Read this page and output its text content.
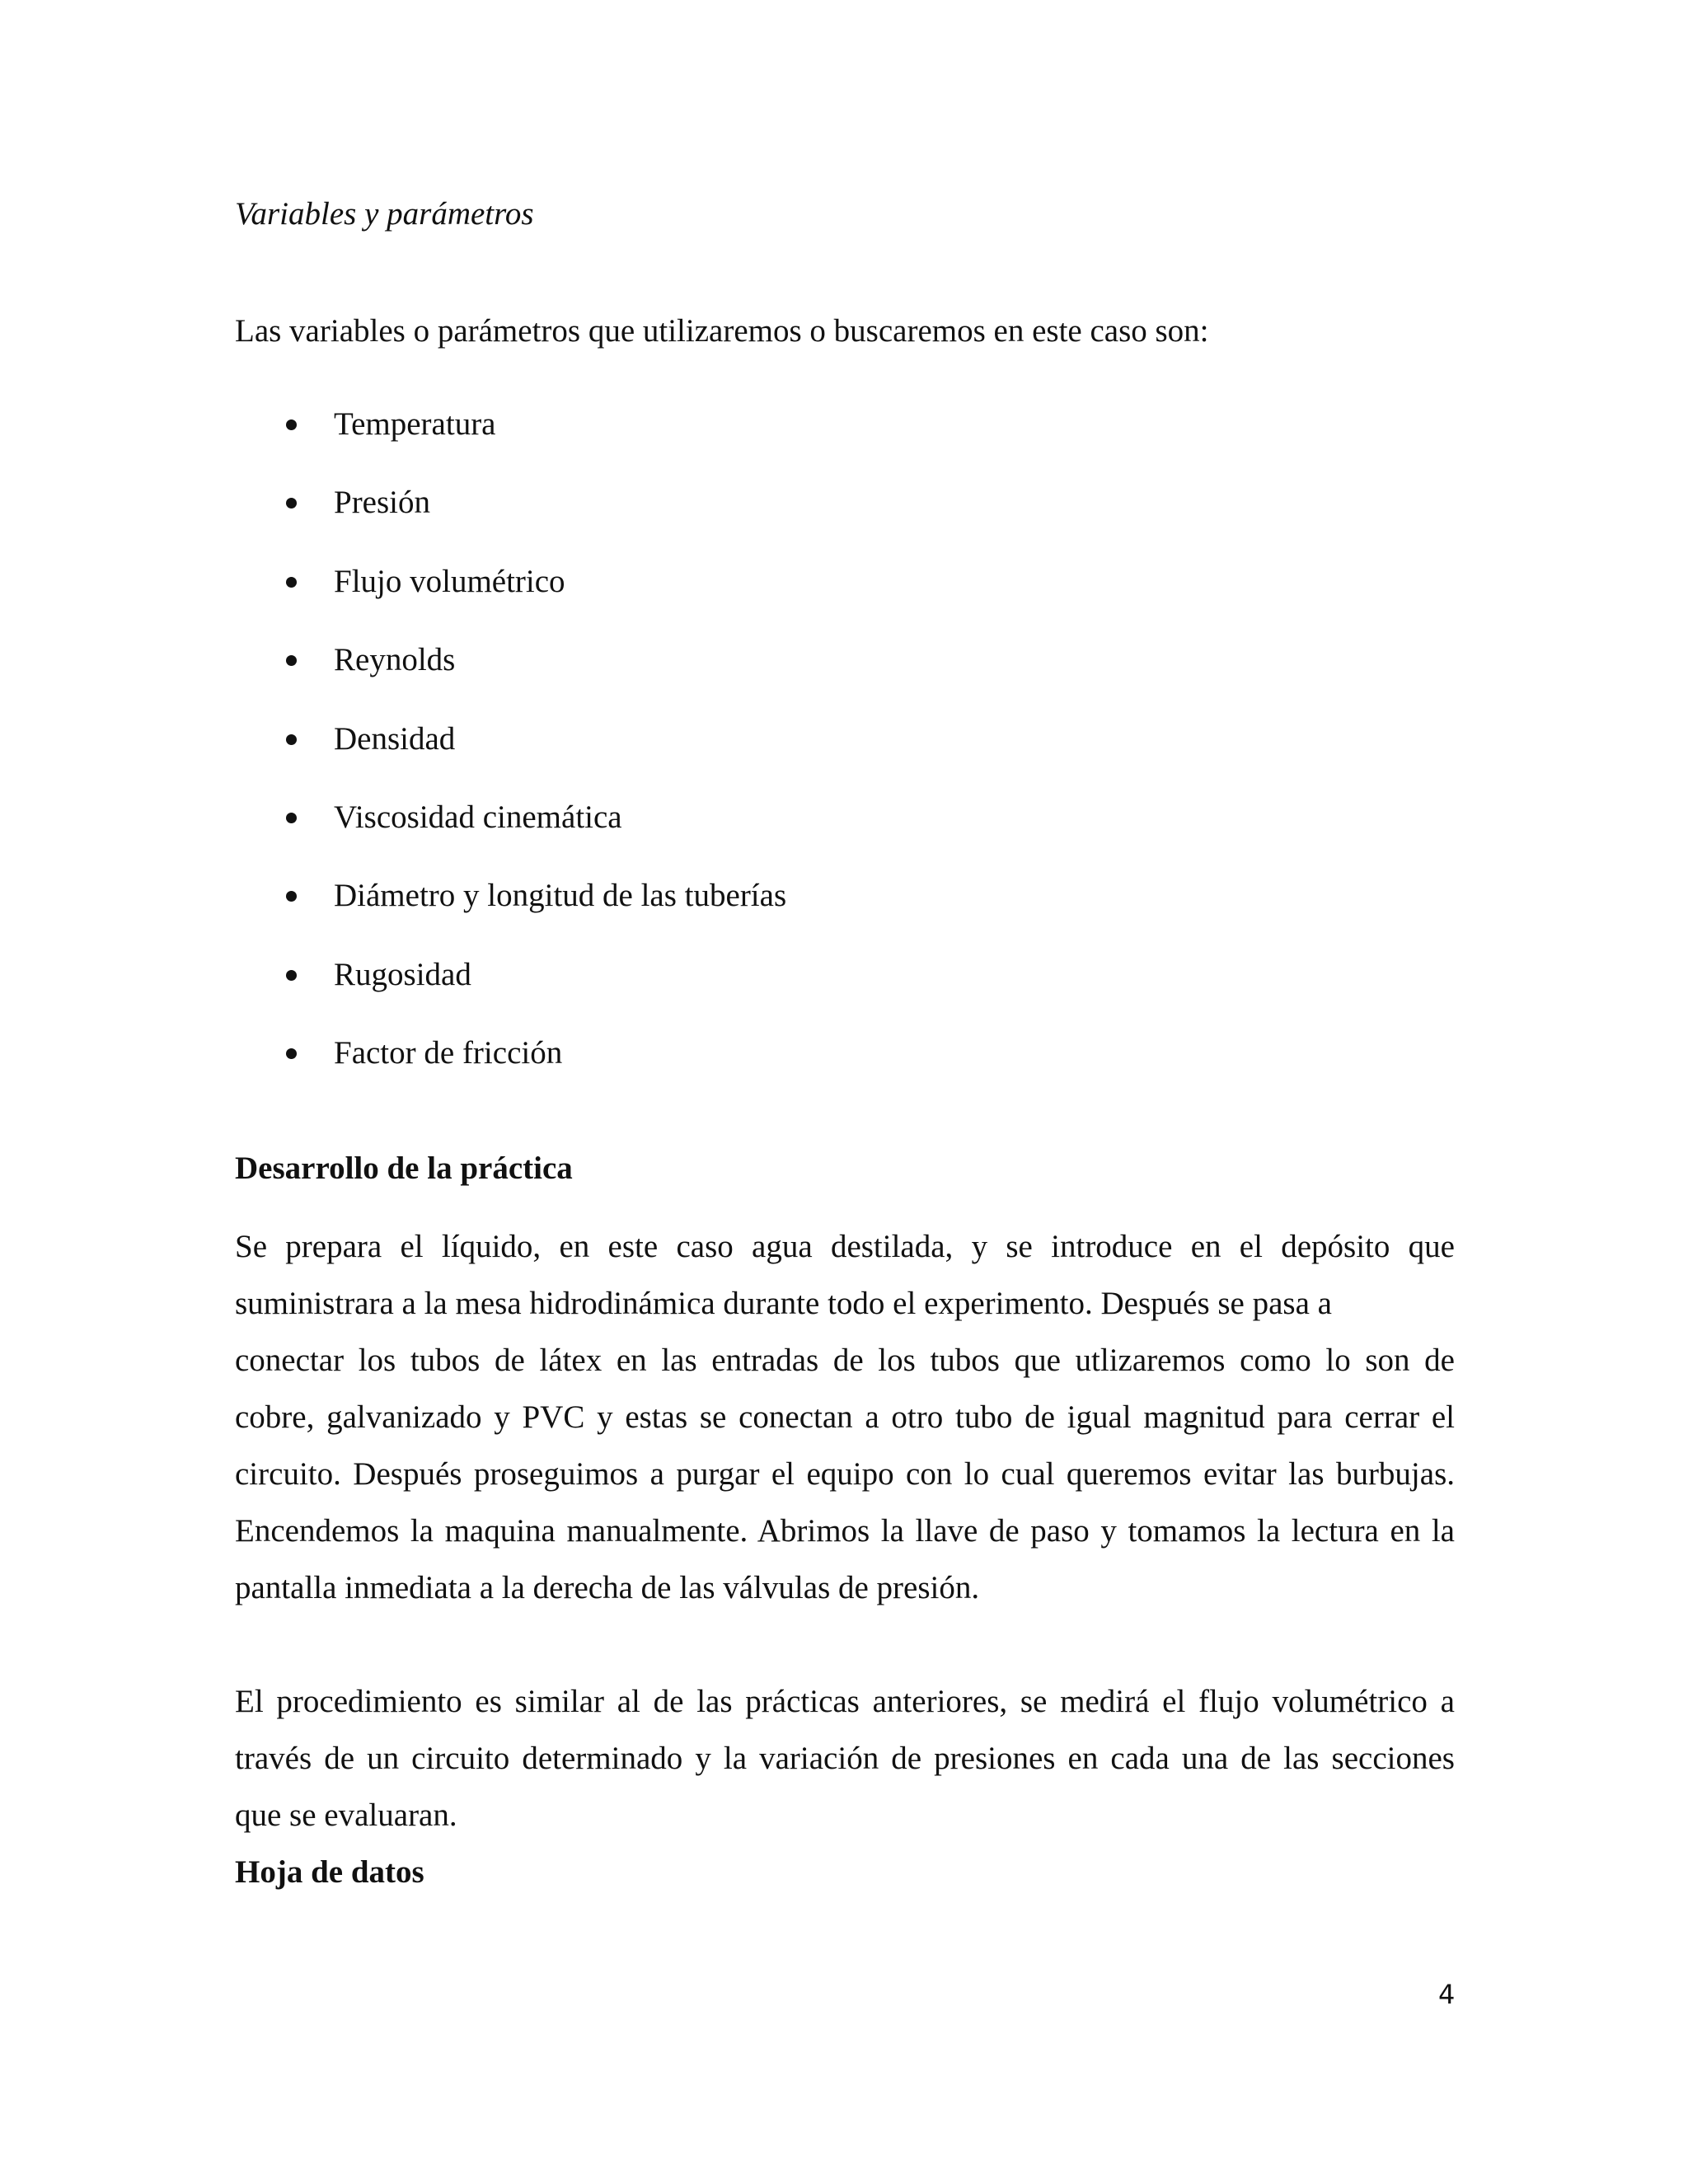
Variables y parámetros

Las variables o parámetros que utilizaremos o buscaremos en este caso son:

Temperatura
Presión
Flujo volumétrico
Reynolds
Densidad
Viscosidad cinemática
Diámetro y longitud de las tuberías
Rugosidad
Factor de fricción
Desarrollo de la práctica
Se prepara el líquido, en este caso agua destilada, y se introduce en el depósito que
suministrara a la mesa hidrodinámica durante todo el experimento. Después se pasa a
conectar los tubos de látex en las entradas de los tubos que utlizaremos como lo son de
cobre, galvanizado y PVC y estas se conectan a otro tubo de igual magnitud para cerrar el
circuito. Después proseguimos a purgar el equipo con lo cual queremos evitar las burbujas.
Encendemos la maquina manualmente. Abrimos la llave de paso y tomamos la lectura en la
pantalla inmediata a la derecha de las válvulas de presión.
El procedimiento es similar al de las prácticas anteriores, se medirá el flujo volumétrico a
través de un circuito determinado y la variación de presiones en cada una de las secciones
que se evaluaran.
Hoja de datos

4
